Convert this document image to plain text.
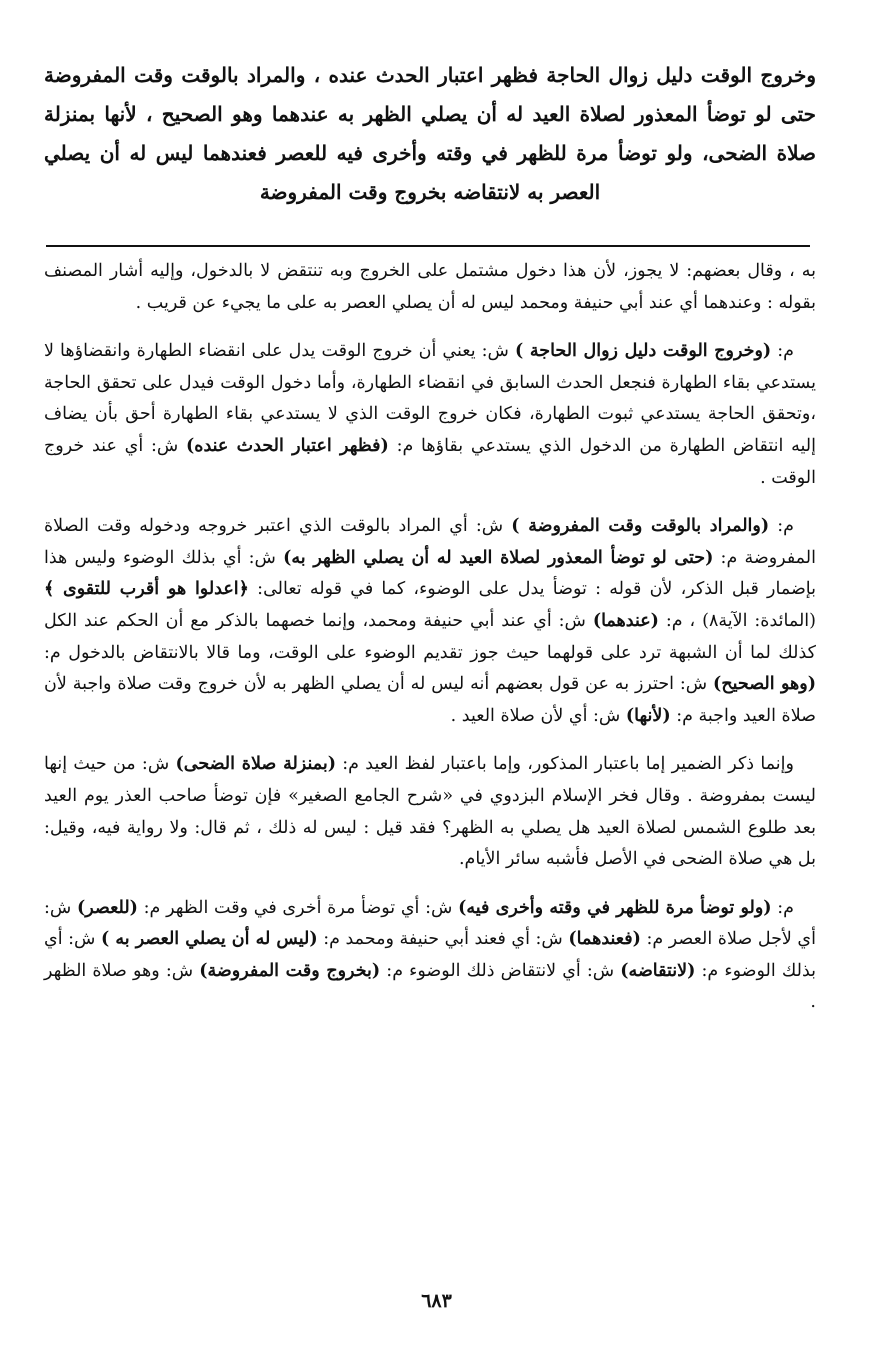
وخروج الوقت دليل زوال الحاجة فظهر اعتبار الحدث عنده ، والمراد بالوقت وقت المفروضة حتى لو توضأ المعذور لصلاة العيد له أن يصلي الظهر به عندهما وهو الصحيح ، لأنها بمنزلة صلاة الضحى، ولو توضأ مرة للظهر في وقته وأخرى فيه للعصر فعندهما ليس له أن يصلي العصر به لانتقاضه بخروج وقت المفروضة

به ، وقال بعضهم: لا يجوز، لأن هذا دخول مشتمل على الخروج وبه تنتقض لا بالدخول، وإليه أشار المصنف بقوله : وعندهما أي عند أبي حنيفة ومحمد ليس له أن يصلي العصر به على ما يجيء عن قريب .

م: (وخروج الوقت دليل زوال الحاجة ) ش: يعني أن خروج الوقت يدل على انقضاء الطهارة وانقضاؤها لا يستدعي بقاء الطهارة فنجعل الحدث السابق في انقضاء الطهارة، وأما دخول الوقت فيدل على تحقق الحاجة ،وتحقق الحاجة يستدعي ثبوت الطهارة، فكان خروج الوقت الذي لا يستدعي بقاء الطهارة أحق بأن يضاف إليه انتقاض الطهارة من الدخول الذي يستدعي بقاؤها م: (فظهر اعتبار الحدث عنده) ش: أي عند خروج الوقت .

م: (والمراد بالوقت وقت المفروضة ) ش: أي المراد بالوقت الذي اعتبر خروجه ودخوله وقت الصلاة المفروضة م: (حتى لو توضأ المعذور لصلاة العيد له أن يصلي الظهر به) ش: أي بذلك الوضوء وليس هذا بإضمار قبل الذكر، لأن قوله : توضأ يدل على الوضوء، كما في قوله تعالى: ﴿اعدلوا هو أقرب للتقوى ﴾ (المائدة: الآية٨) ، م: (عندهما) ش: أي عند أبي حنيفة ومحمد، وإنما خصهما بالذكر مع أن الحكم عند الكل كذلك لما أن الشبهة ترد على قولهما حيث جوز تقديم الوضوء على الوقت، وما قالا بالانتقاض بالدخول م: (وهو الصحيح) ش: احترز به عن قول بعضهم أنه ليس له أن يصلي الظهر به لأن خروج وقت صلاة واجبة لأن صلاة العيد واجبة م: (لأنها) ش: أي لأن صلاة العيد .

وإنما ذكر الضمير إما باعتبار المذكور، وإما باعتبار لفظ العيد م: (بمنزلة صلاة الضحى) ش: من حيث إنها ليست بمفروضة . وقال فخر الإسلام البزدوي في «شرح الجامع الصغير» فإن توضأ صاحب العذر يوم العيد بعد طلوع الشمس لصلاة العيد هل يصلي به الظهر؟ فقد قيل : ليس له ذلك ، ثم قال: ولا رواية فيه، وقيل: بل هي صلاة الضحى في الأصل فأشبه سائر الأيام.

م: (ولو توضأ مرة للظهر في وقته وأخرى فيه) ش: أي توضأ مرة أخرى في وقت الظهر م: (للعصر) ش: أي لأجل صلاة العصر م: (فعندهما) ش: أي فعند أبي حنيفة ومحمد م: (ليس له أن يصلي العصر به ) ش: أي بذلك الوضوء م: (لانتقاضه) ش: أي لانتقاض ذلك الوضوء م: (بخروج وقت المفروضة) ش: وهو صلاة الظهر .

٦٨٣
